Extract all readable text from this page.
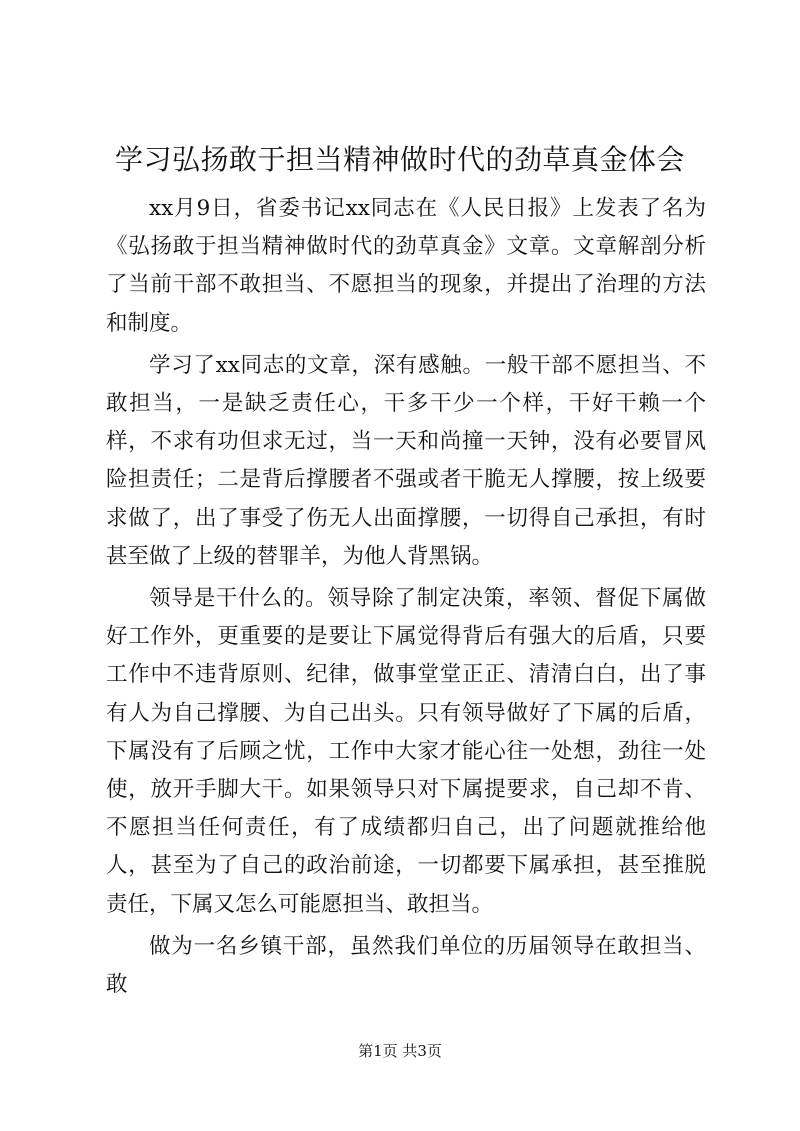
学习弘扬敢于担当精神做时代的劲草真金体会

xx月9日，省委书记xx同志在《人民日报》上发表了名为《弘扬敢于担当精神做时代的劲草真金》文章。文章解剖分析了当前干部不敢担当、不愿担当的现象，并提出了治理的方法和制度。

学习了xx同志的文章，深有感触。一般干部不愿担当、不敢担当，一是缺乏责任心，干多干少一个样，干好干赖一个样，不求有功但求无过，当一天和尚撞一天钟，没有必要冒风险担责任；二是背后撑腰者不强或者干脆无人撑腰，按上级要求做了，出了事受了伤无人出面撑腰，一切得自己承担，有时甚至做了上级的替罪羊，为他人背黑锅。

领导是干什么的。领导除了制定决策，率领、督促下属做好工作外，更重要的是要让下属觉得背后有强大的后盾，只要工作中不违背原则、纪律，做事堂堂正正、清清白白，出了事有人为自己撑腰、为自己出头。只有领导做好了下属的后盾，下属没有了后顾之忧，工作中大家才能心往一处想，劲往一处使，放开手脚大干。如果领导只对下属提要求，自己却不肯、不愿担当任何责任，有了成绩都归自己，出了问题就推给他人，甚至为了自己的政治前途，一切都要下属承担，甚至推脱责任，下属又怎么可能愿担当、敢担当。

做为一名乡镇干部，虽然我们单位的历届领导在敢担当、敢

第1页 共3页
